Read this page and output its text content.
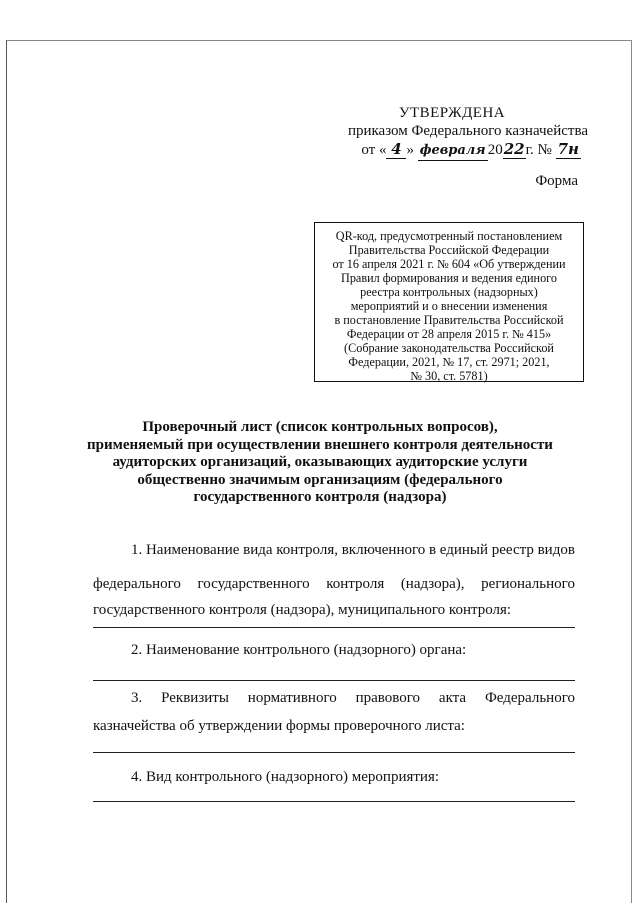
УТВЕРЖДЕНА
приказом Федерального казначейства
от « 4 » февраля 2022г. № 7н
Форма
QR-код, предусмотренный постановлением
Правительства Российской Федерации
от 16 апреля 2021 г. № 604 «Об утверждении
Правил формирования и ведения единого
реестра контрольных (надзорных)
мероприятий и о внесении изменения
в постановление Правительства Российской
Федерации от 28 апреля 2015 г. № 415»
(Собрание законодательства Российской
Федерации, 2021, № 17, ст. 2971; 2021,
№ 30, ст. 5781)
Проверочный лист (список контрольных вопросов),
применяемый при осуществлении внешнего контроля деятельности
аудиторских организаций, оказывающих аудиторские услуги
общественно значимым организациям (федерального
государственного контроля (надзора)
1. Наименование вида контроля, включенного в единый реестр видов
федерального государственного контроля (надзора), регионального
государственного контроля (надзора), муниципального контроля:
2. Наименование контрольного (надзорного) органа:
3. Реквизиты нормативного правового акта Федерального
казначейства об утверждении формы проверочного листа:
4. Вид контрольного (надзорного) мероприятия:
